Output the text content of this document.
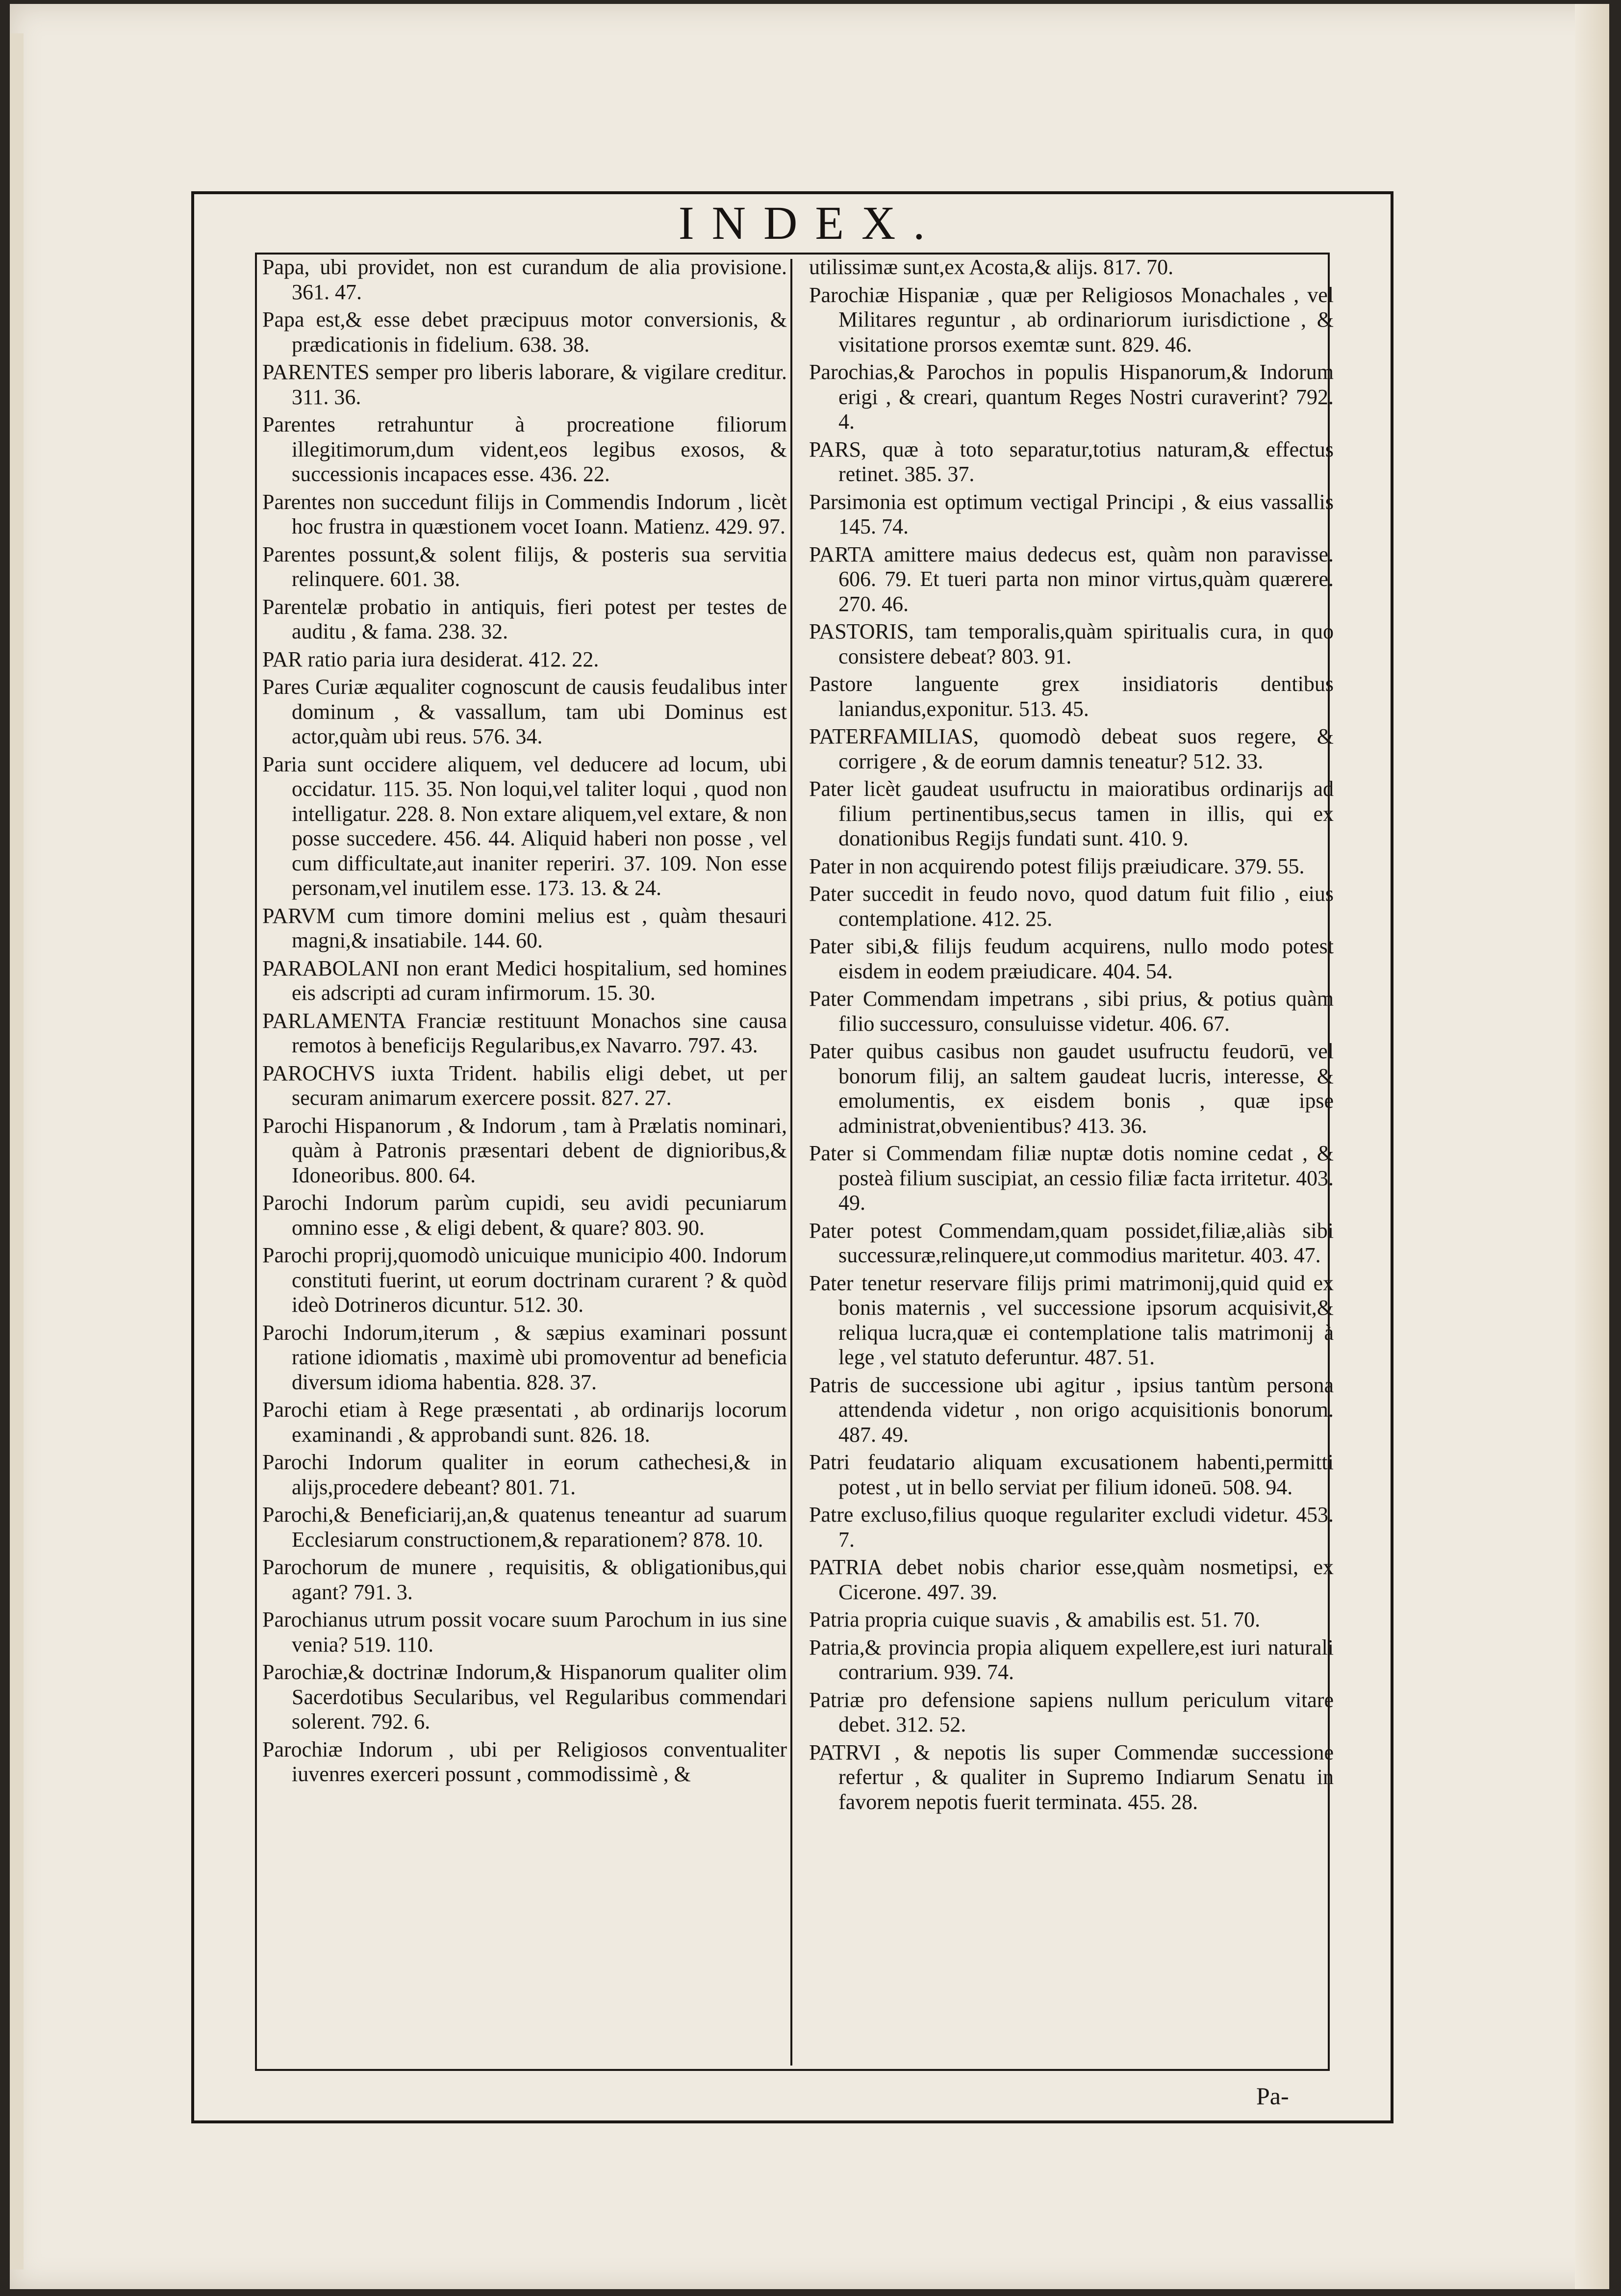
INDEX.

Papa, ubi providet, non est curandum de alia provisione. 361. 47.

Papa est,& esse debet præcipuus motor conversionis, & prædicationis in fidelium. 638. 38.

PARENTES semper pro liberis laborare, & vigilare creditur. 311. 36.

Parentes retrahuntur à procreatione filiorum illegitimorum,dum vident,eos legibus exosos, & successionis incapaces esse. 436. 22.

Parentes non succedunt filijs in Commendis Indorum , licèt hoc frustra in quæstionem vocet Ioann. Matienz. 429. 97.

Parentes possunt,& solent filijs, & posteris sua servitia relinquere. 601. 38.

Parentelæ probatio in antiquis, fieri potest per testes de auditu , & fama. 238. 32.

PAR ratio paria iura desiderat. 412. 22.

Pares Curiæ æqualiter cognoscunt de causis feudalibus inter dominum , & vassallum, tam ubi Dominus est actor,quàm ubi reus. 576. 34.

Paria sunt occidere aliquem, vel deducere ad locum, ubi occidatur. 115. 35. Non loqui,vel taliter loqui , quod non intelligatur. 228. 8. Non extare aliquem,vel extare, & non posse succedere. 456. 44. Aliquid haberi non posse , vel cum difficultate,aut inaniter reperiri. 37. 109. Non esse personam,vel inutilem esse. 173. 13. & 24.

PARVM cum timore domini melius est , quàm thesauri magni,& insatiabile. 144. 60.

PARABOLANI non erant Medici hospitalium, sed homines eis adscripti ad curam infirmorum. 15. 30.

PARLAMENTA Franciæ restituunt Monachos sine causa remotos à beneficijs Regularibus,ex Navarro. 797. 43.

PAROCHVS iuxta Trident. habilis eligi debet, ut per securam animarum exercere possit. 827. 27.

Parochi Hispanorum , & Indorum , tam à Prælatis nominari, quàm à Patronis præsentari debent de dignioribus,& Idoneoribus. 800. 64.

Parochi Indorum parùm cupidi, seu avidi pecuniarum omnino esse , & eligi debent, & quare? 803. 90.

Parochi proprij,quomodò unicuique municipio 400. Indorum constituti fuerint, ut eorum doctrinam curarent ? & quòd ideò Dotrineros dicuntur. 512. 30.

Parochi Indorum,iterum , & sæpius examinari possunt ratione idiomatis , maximè ubi promoventur ad beneficia diversum idioma habentia. 828. 37.

Parochi etiam à Rege præsentati , ab ordinarijs locorum examinandi , & approbandi sunt. 826. 18.

Parochi Indorum qualiter in eorum cathechesi,& in alijs,procedere debeant? 801. 71.

Parochi,& Beneficiarij,an,& quatenus teneantur ad suarum Ecclesiarum constructionem,& reparationem? 878. 10.

Parochorum de munere , requisitis, & obligationibus,qui agant? 791. 3.

Parochianus utrum possit vocare suum Parochum in ius sine venia? 519. 110.

Parochiæ,& doctrinæ Indorum,& Hispanorum qualiter olim Sacerdotibus Secularibus, vel Regularibus commendari solerent. 792. 6.

Parochiæ Indorum , ubi per Religiosos conventualiter iuvenres exerceri possunt , commodissimè , &

utilissimæ sunt,ex Acosta,& alijs. 817. 70.

Parochiæ Hispaniæ , quæ per Religiosos Monachales , vel Militares reguntur , ab ordinariorum iurisdictione , & visitatione prorsos exemtæ sunt. 829. 46.

Parochias,& Parochos in populis Hispanorum,& Indorum erigi , & creari, quantum Reges Nostri curaverint? 792. 4.

PARS, quæ à toto separatur,totius naturam,& effectus retinet. 385. 37.

Parsimonia est optimum vectigal Principi , & eius vassallis 145. 74.

PARTA amittere maius dedecus est, quàm non paravisse. 606. 79. Et tueri parta non minor virtus,quàm quærere. 270. 46.

PASTORIS, tam temporalis,quàm spiritualis cura, in quo consistere debeat? 803. 91.

Pastore languente grex insidiatoris dentibus laniandus,exponitur. 513. 45.

PATERFAMILIAS, quomodò debeat suos regere, & corrigere , & de eorum damnis teneatur? 512. 33.

Pater licèt gaudeat usufructu in maioratibus ordinarijs ad filium pertinentibus,secus tamen in illis, qui ex donationibus Regijs fundati sunt. 410. 9.

Pater in non acquirendo potest filijs præiudicare. 379. 55.

Pater succedit in feudo novo, quod datum fuit filio , eius contemplatione. 412. 25.

Pater sibi,& filijs feudum acquirens, nullo modo potest eisdem in eodem præiudicare. 404. 54.

Pater Commendam impetrans , sibi prius, & potius quàm filio successuro, consuluisse videtur. 406. 67.

Pater quibus casibus non gaudet usufructu feudorū, vel bonorum filij, an saltem gaudeat lucris, interesse, & emolumentis, ex eisdem bonis , quæ ipse administrat,obvenientibus? 413. 36.

Pater si Commendam filiæ nuptæ dotis nomine cedat , & posteà filium suscipiat, an cessio filiæ facta irritetur. 403. 49.

Pater potest Commendam,quam possidet,filiæ,aliàs sibi successuræ,relinquere,ut commodius maritetur. 403. 47.

Pater tenetur reservare filijs primi matrimonij,quid quid ex bonis maternis , vel successione ipsorum acquisivit,& reliqua lucra,quæ ei contemplatione talis matrimonij à lege , vel statuto deferuntur. 487. 51.

Patris de successione ubi agitur , ipsius tantùm persona attendenda videtur , non origo acquisitionis bonorum. 487. 49.

Patri feudatario aliquam excusationem habenti,permitti potest , ut in bello serviat per filium idoneū. 508. 94.

Patre excluso,filius quoque regulariter excludi videtur. 453. 7.

PATRIA debet nobis charior esse,quàm nosmetipsi, ex Cicerone. 497. 39.

Patria propria cuique suavis , & amabilis est. 51. 70.

Patria,& provincia propia aliquem expellere,est iuri naturali contrarium. 939. 74.

Patriæ pro defensione sapiens nullum periculum vitare debet. 312. 52.

PATRVI , & nepotis lis super Commendæ successione refertur , & qualiter in Supremo Indiarum Senatu in favorem nepotis fuerit terminata. 455. 28.

Pa-
